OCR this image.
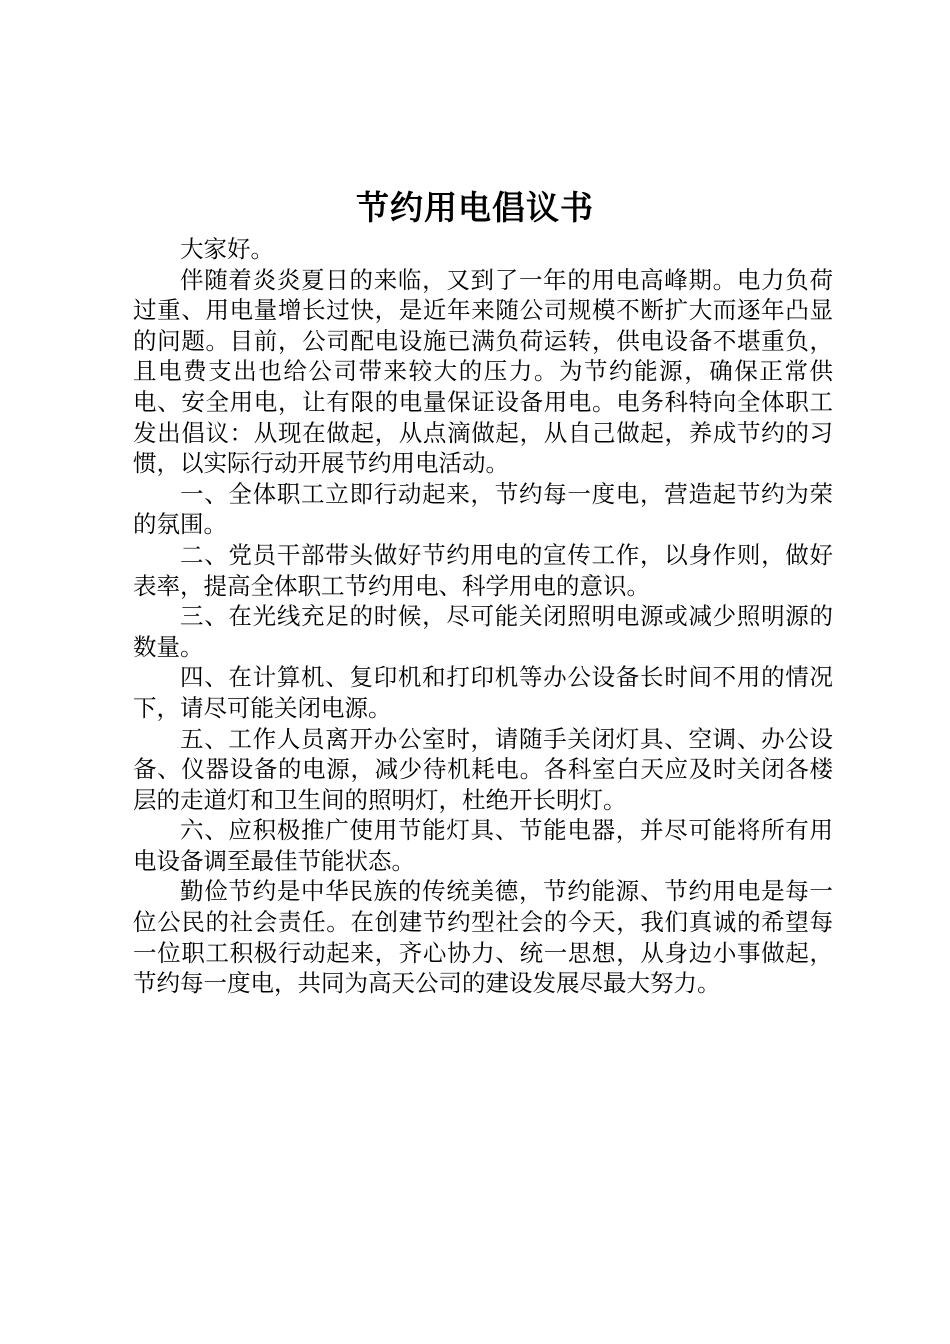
节约用电倡议书

大家好。

伴随着炎炎夏日的来临，又到了一年的用电高峰期。电力负荷过重、用电量增长过快，是近年来随公司规模不断扩大而逐年凸显的问题。目前，公司配电设施已满负荷运转，供电设备不堪重负，且电费支出也给公司带来较大的压力。为节约能源，确保正常供电、安全用电，让有限的电量保证设备用电。电务科特向全体职工发出倡议：从现在做起，从点滴做起，从自己做起，养成节约的习惯，以实际行动开展节约用电活动。

一、全体职工立即行动起来，节约每一度电，营造起节约为荣的氛围。

二、党员干部带头做好节约用电的宣传工作，以身作则，做好表率，提高全体职工节约用电、科学用电的意识。

三、在光线充足的时候，尽可能关闭照明电源或减少照明源的数量。

四、在计算机、复印机和打印机等办公设备长时间不用的情况下，请尽可能关闭电源。

五、工作人员离开办公室时，请随手关闭灯具、空调、办公设备、仪器设备的电源，减少待机耗电。各科室白天应及时关闭各楼层的走道灯和卫生间的照明灯，杜绝开长明灯。

六、应积极推广使用节能灯具、节能电器，并尽可能将所有用电设备调至最佳节能状态。

勤俭节约是中华民族的传统美德，节约能源、节约用电是每一位公民的社会责任。在创建节约型社会的今天，我们真诚的希望每一位职工积极行动起来，齐心协力、统一思想，从身边小事做起，节约每一度电，共同为高天公司的建设发展尽最大努力。
